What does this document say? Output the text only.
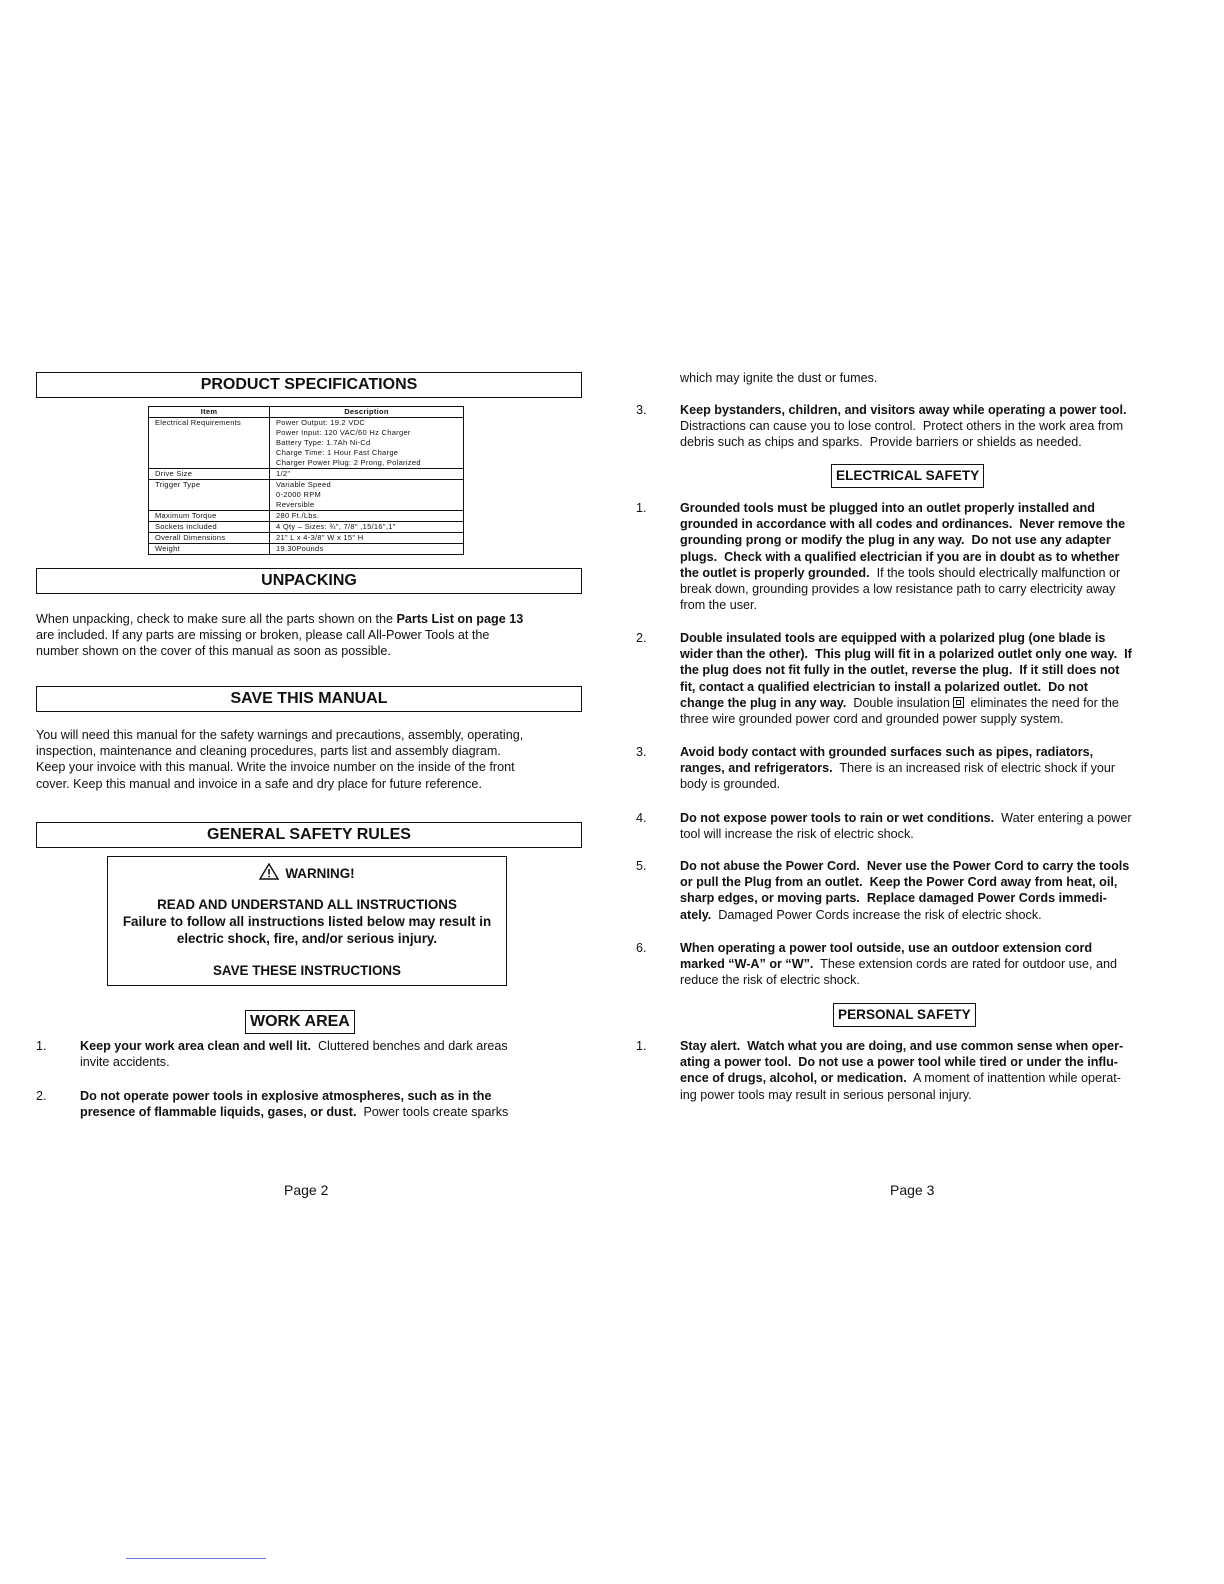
PRODUCT SPECIFICATIONS
Item	Description
Electrical Requirements	Power Output: 19.2 VDC
Power Input: 120 VAC/60 Hz Charger
Battery Type: 1.7Ah Ni-Cd
Charge Time: 1 Hour Fast Charge
Charger Power Plug: 2 Prong, Polarized

Drive Size	1/2"

Trigger Type	Variable Speed
0-2000 RPM
Reversible

Maximum Torque	280 Ft./Lbs.

Sockets Included	4 Qty – Sizes: ¾", 7/8" ,15/16",1"

Overall Dimensions	21" L x 4-3/8" W x 15" H

Weight	19.30Pounds
UNPACKING
When unpacking, check to make sure all the parts shown on the Parts List on page 13
are included. If any parts are missing or broken, please call All-Power Tools at the
number shown on the cover of this manual as soon as possible.
SAVE THIS MANUAL
You will need this manual for the safety warnings and precautions, assembly, operating,
inspection, maintenance and cleaning procedures, parts list and assembly diagram.
Keep your invoice with this manual. Write the invoice number on the inside of the front
cover. Keep this manual and invoice in a safe and dry place for future reference.
GENERAL SAFETY RULES
WARNING!
READ AND UNDERSTAND ALL INSTRUCTIONS
Failure to follow all instructions listed below may result in
electric shock, fire, and/or serious injury.
SAVE THESE INSTRUCTIONS
WORK AREA
1.	Keep your work area clean and well lit.  Cluttered benches and dark areas
invite accidents.
2.	Do not operate power tools in explosive atmospheres, such as in the
presence of flammable liquids, gases, or dust.  Power tools create sparks
Page 2
which may ignite the dust or fumes.
3.	Keep bystanders, children, and visitors away while operating a power tool.
Distractions can cause you to lose control.  Protect others in the work area from
debris such as chips and sparks.  Provide barriers or shields as needed.
ELECTRICAL SAFETY
1.	Grounded tools must be plugged into an outlet properly installed and
grounded in accordance with all codes and ordinances.  Never remove the
grounding prong or modify the plug in any way.  Do not use any adapter
plugs.  Check with a qualified electrician if you are in doubt as to whether
the outlet is properly grounded.  If the tools should electrically malfunction or
break down, grounding provides a low resistance path to carry electricity away
from the user.
2.	Double insulated tools are equipped with a polarized plug (one blade is
wider than the other).  This plug will fit in a polarized outlet only one way.  If
the plug does not fit fully in the outlet, reverse the plug.  If it still does not
fit, contact a qualified electrician to install a polarized outlet.  Do not
change the plug in any way.  Double insulation eliminates the need for the
three wire grounded power cord and grounded power supply system.
3.	Avoid body contact with grounded surfaces such as pipes, radiators,
ranges, and refrigerators.  There is an increased risk of electric shock if your
body is grounded.
4.	Do not expose power tools to rain or wet conditions.  Water entering a power
tool will increase the risk of electric shock.
5.	Do not abuse the Power Cord.  Never use the Power Cord to carry the tools
or pull the Plug from an outlet.  Keep the Power Cord away from heat, oil,
sharp edges, or moving parts.  Replace damaged Power Cords immedi-
ately.  Damaged Power Cords increase the risk of electric shock.
6.	When operating a power tool outside, use an outdoor extension cord
marked “W-A” or “W”.  These extension cords are rated for outdoor use, and
reduce the risk of electric shock.
PERSONAL SAFETY
1.	Stay alert.  Watch what you are doing, and use common sense when oper-
ating a power tool.  Do not use a power tool while tired or under the influ-
ence of drugs, alcohol, or medication.  A moment of inattention while operat-
ing power tools may result in serious personal injury.
Page 3
